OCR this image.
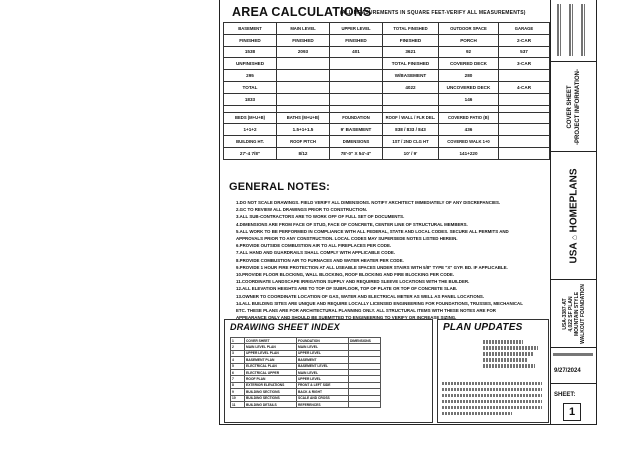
AREA CALCULATIONS
(ALL MEASUREMENTS IN SQUARE FEET-VERIFY ALL MEASUREMENTS)
BASEMENT	MAIN LEVEL	UPPER LEVEL	TOTAL FINISHED	OUTDOOR SPACE	GARAGE
FINISHED	FINISHED	FINISHED	FINISHED	PORCH	2-CAR
1538	2093	401	3621	92	537
UNFINISHED			TOTAL FINISHED	COVERED DECK	3-CAR
295			W/BASEMENT	280	
TOTAL			4022	UNCOVERED DECK	4-CAR
1833				146	

BEDS (M+U+B)	BATHS (M+U+B)	FOUNDATION	ROOF / WALL / FLR DEL.	COVERED PATIO (B)	
1+1+2	1.5+1+1.5	9' BASEMENT	838 / 833 / 843	436	
BUILDING HT.	ROOF PITCH	DIMENSIONS	1ST / 2ND CLG HT	COVERED WALK 1+0	
27'-4 7/8"	8/12	78'-0" X 54'-4"	10' / 9'	141+220	
GENERAL NOTES:
1.DO NOT SCALE DRAWINGS. FIELD VERIFY ALL DIMENSIONS. NOTIFY ARCHITECT IMMEDIATELY OF ANY DISCREPANCIES.
2.GC TO REVIEW ALL DRAWINGS PRIOR TO CONSTRUCTION.
3.ALL SUB-CONTRACTORS ARE TO WORK OFF OF FULL SET OF DOCUMENTS.
4.DIMENSIONS ARE FROM FACE OF STUD, FACE OF CONCRETE, CENTER LINE OF STRUCTURAL MEMBERS.
5.ALL WORK TO BE PERFORMED IN COMPLIANCE WITH ALL FEDERAL, STATE AND LOCAL CODES. SECURE ALL PERMITS AND
APPROVALS PRIOR TO ANY CONSTRUCTION. LOCAL CODES MAY SUPERSEDE NOTES LISTED HEREIN.
6.PROVIDE OUTSIDE COMBUSTION AIR TO ALL FIREPLACES PER CODE.
7.ALL HAND AND GUARDRAILS SHALL COMPLY WITH APPLICABLE CODE.
8.PROVIDE COMBUSTION AIR TO FURNACES AND WATER HEATER PER CODE.
9.PROVIDE 1 HOUR FIRE PROTECTION AT ALL USEABLE SPACES UNDER STAIRS WITH 5/8" TYPE "X" GYP. BD. IF APPLICABLE.
10.PROVIDE FLOOR BLOCKING, WALL BLOCKING, ROOF BLOCKING AND FIRE BLOCKING PER CODE.
11.COORDINATE LANDSCAPE IRRIGATION SUPPLY AND REQUIRED SLEEVE LOCATIONS WITH THE BUILDER.
12.ALL ELEVATION HEIGHTS ARE TO TOP OF SUBFLOOR, TOP OF PLATE OR TOP OF CONCRETE SLAB.
13.OWNER TO COORDINATE LOCATION OF GAS, WATER AND ELECTRICAL METER AS WELL AS PANEL LOCATIONS.
14.ALL BUILDING SITES ARE UNIQUE AND REQUIRE LOCALLY LICENSED ENGINEERING FOR FOUNDATIONS, TRUSSES, MECHANICAL
ETC. THESE PLANS ARE FOR ARCHITECTURAL PLANNING ONLY. ALL STRUCTURAL ITEMS WITH THESE NOTES ARE FOR
APPEARANCE ONLY AND SHOULD BE SUBMITTED TO ENGINEERING TO VERIFY OR INCREASE SIZING.
DRAWING SHEET INDEX
1	COVER SHEET	FOUNDATION	DIMENSIONS
2	MAIN LEVEL PLAN	MAIN LEVEL	
3	UPPER LEVEL PLAN	UPPER LEVEL	
4	BASEMENT PLAN	BASEMENT	
5	ELECTRICAL PLAN	BASEMENT LEVEL	
6	ELECTRICAL UPPER	MAIN LEVEL	
7	ROOF PLAN	UPPER LEVEL	
8	EXTERIOR ELEVATIONS	FRONT & LEFT SIDE	
9	BUILDING SECTIONS	BACK & RIGHT	
10	BUILDING SECTIONS	SCALE AND CROSS	
11	BUILDING DETAILS	REFERENCES	
PLAN UPDATES
COVER SHEET -PROJECT INFORMATION-
USA ⌂ HOMEPLANS
USA-3387-AT 4,022 SF PLAN MOUNTAIN STYLE WALKOUT FOUNDATION
9/27/2024
SHEET:
1
